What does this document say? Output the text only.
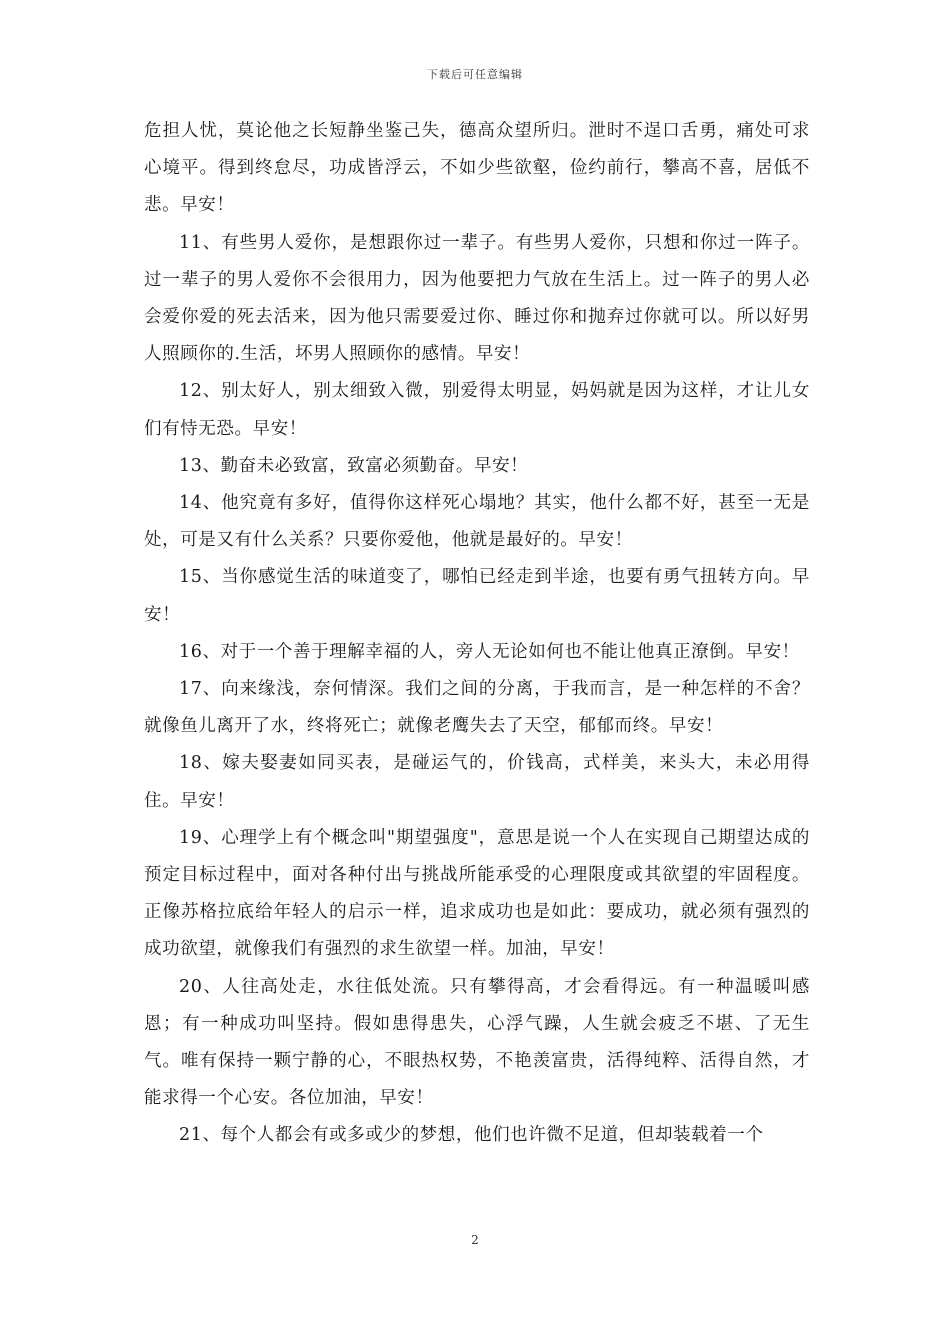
下载后可任意编辑

危担人忧，莫论他之长短静坐鉴己失，德高众望所归。泄时不逞口舌勇，痛处可求心境平。得到终怠尽，功成皆浮云，不如少些欲壑，俭约前行，攀高不喜，居低不悲。早安！

11、有些男人爱你，是想跟你过一辈子。有些男人爱你，只想和你过一阵子。过一辈子的男人爱你不会很用力，因为他要把力气放在生活上。过一阵子的男人必会爱你爱的死去活来，因为他只需要爱过你、睡过你和抛弃过你就可以。所以好男人照顾你的.生活，坏男人照顾你的感情。早安！

12、别太好人，别太细致入微，别爱得太明显，妈妈就是因为这样，才让儿女们有恃无恐。早安！

13、勤奋未必致富，致富必须勤奋。早安！

14、他究竟有多好，值得你这样死心塌地？其实，他什么都不好，甚至一无是处，可是又有什么关系？只要你爱他，他就是最好的。早安！

15、当你感觉生活的味道变了，哪怕已经走到半途，也要有勇气扭转方向。早安！

16、对于一个善于理解幸福的人，旁人无论如何也不能让他真正潦倒。早安！

17、向来缘浅，奈何情深。我们之间的分离，于我而言，是一种怎样的不舍？就像鱼儿离开了水，终将死亡；就像老鹰失去了天空，郁郁而终。早安！

18、嫁夫娶妻如同买表，是碰运气的，价钱高，式样美，来头大，未必用得住。早安！

19、心理学上有个概念叫"期望强度"，意思是说一个人在实现自己期望达成的预定目标过程中，面对各种付出与挑战所能承受的心理限度或其欲望的牢固程度。正像苏格拉底给年轻人的启示一样，追求成功也是如此：要成功，就必须有强烈的成功欲望，就像我们有强烈的求生欲望一样。加油，早安！

20、人往高处走，水往低处流。只有攀得高，才会看得远。有一种温暖叫感恩；有一种成功叫坚持。假如患得患失，心浮气躁，人生就会疲乏不堪、了无生气。唯有保持一颗宁静的心，不眼热权势，不艳羡富贵，活得纯粹、活得自然，才能求得一个心安。各位加油，早安！

21、每个人都会有或多或少的梦想，他们也许微不足道，但却装载着一个

2
